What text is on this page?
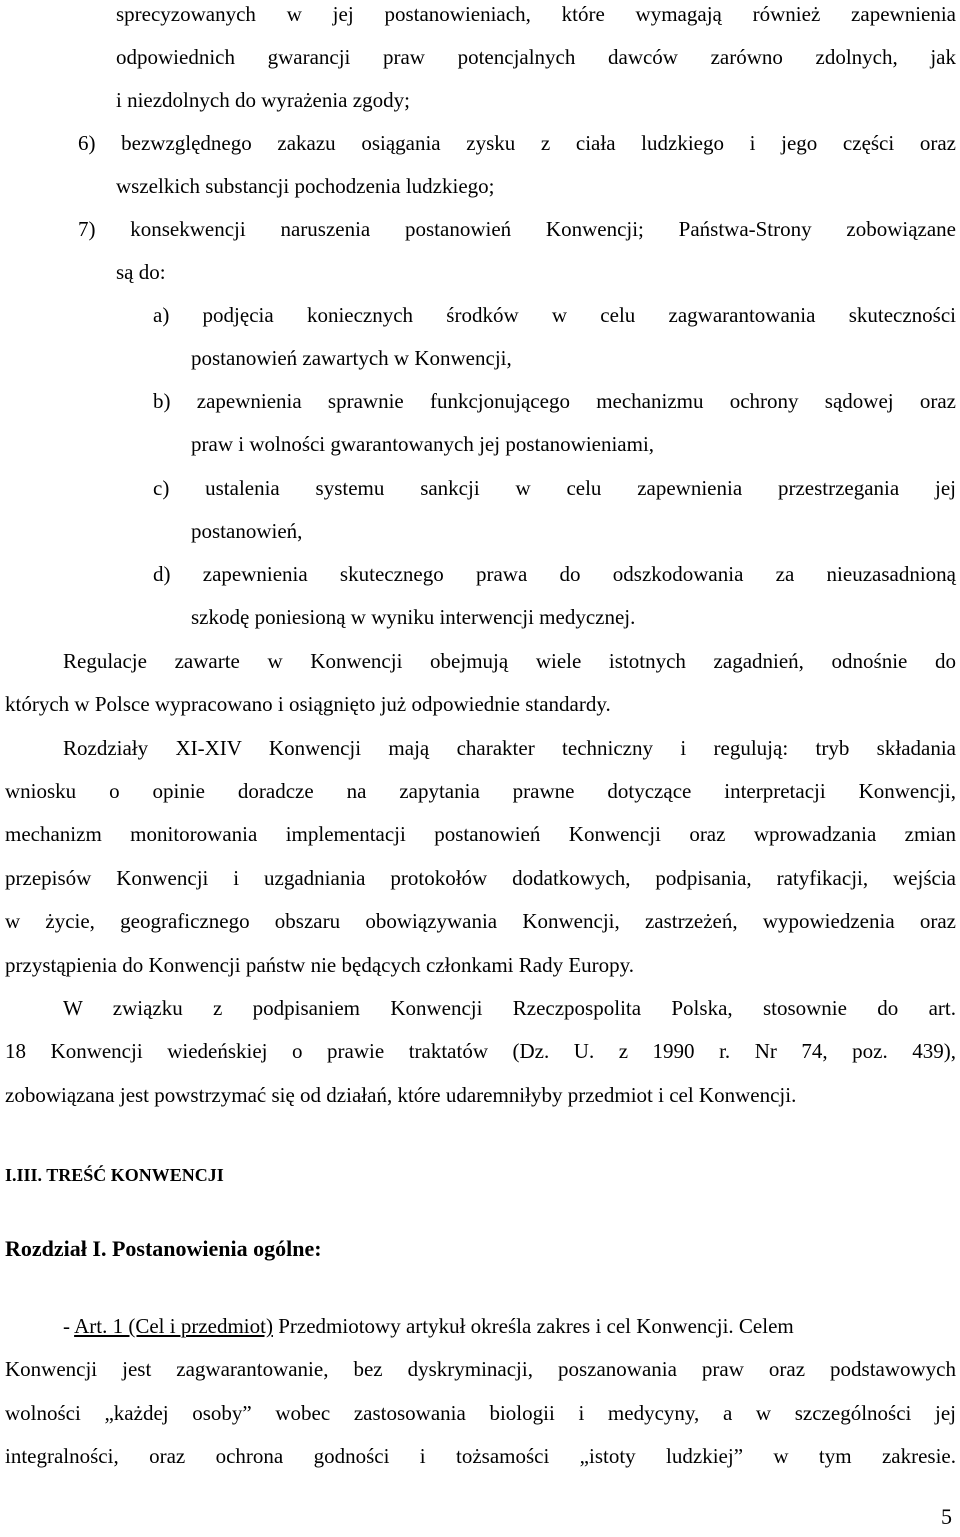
sprecyzowanych w jej postanowieniach, które wymagają również zapewnienia
odpowiednich gwarancji praw potencjalnych dawców zarówno zdolnych, jak
i niezdolnych do wyrażenia zgody;
6) bezwzględnego zakazu osiągania zysku z ciała ludzkiego i jego części oraz
wszelkich substancji pochodzenia ludzkiego;
7) konsekwencji naruszenia postanowień Konwencji; Państwa-Strony zobowiązane
są do:
a) podjęcia koniecznych środków w celu zagwarantowania skuteczności
postanowień zawartych w Konwencji,
b) zapewnienia sprawnie funkcjonującego mechanizmu ochrony sądowej oraz
praw i wolności gwarantowanych jej postanowieniami,
c) ustalenia systemu sankcji w celu zapewnienia przestrzegania jej
postanowień,
d) zapewnienia skutecznego prawa do odszkodowania za nieuzasadnioną
szkodę poniesioną w wyniku interwencji medycznej.
Regulacje zawarte w Konwencji obejmują wiele istotnych zagadnień, odnośnie do
których w Polsce wypracowano i osiągnięto już odpowiednie standardy.
Rozdziały XI-XIV Konwencji mają charakter techniczny i regulują: tryb składania
wniosku o opinie doradcze na zapytania prawne dotyczące interpretacji Konwencji,
mechanizm monitorowania implementacji postanowień Konwencji oraz wprowadzania zmian
przepisów Konwencji i uzgadniania protokołów dodatkowych, podpisania, ratyfikacji, wejścia
w życie, geograficznego obszaru obowiązywania Konwencji, zastrzeżeń, wypowiedzenia oraz
przystąpienia do Konwencji państw nie będących członkami Rady Europy.
W związku z podpisaniem Konwencji Rzeczpospolita Polska, stosownie do art.
18 Konwencji wiedeńskiej o prawie traktatów (Dz. U. z 1990 r. Nr 74, poz. 439),
zobowiązana jest powstrzymać się od działań, które udaremniłyby przedmiot i cel Konwencji.
I.III. TREŚĆ KONWENCJI
Rozdział I. Postanowienia ogólne:
- Art. 1 (Cel i przedmiot) Przedmiotowy artykuł określa zakres i cel Konwencji. Celem
Konwencji jest zagwarantowanie, bez dyskryminacji, poszanowania praw oraz podstawowych
wolności „każdej osoby” wobec zastosowania biologii i medycyny, a w szczególności jej
integralności, oraz ochrona godności i tożsamości „istoty ludzkiej” w tym zakresie.
5
